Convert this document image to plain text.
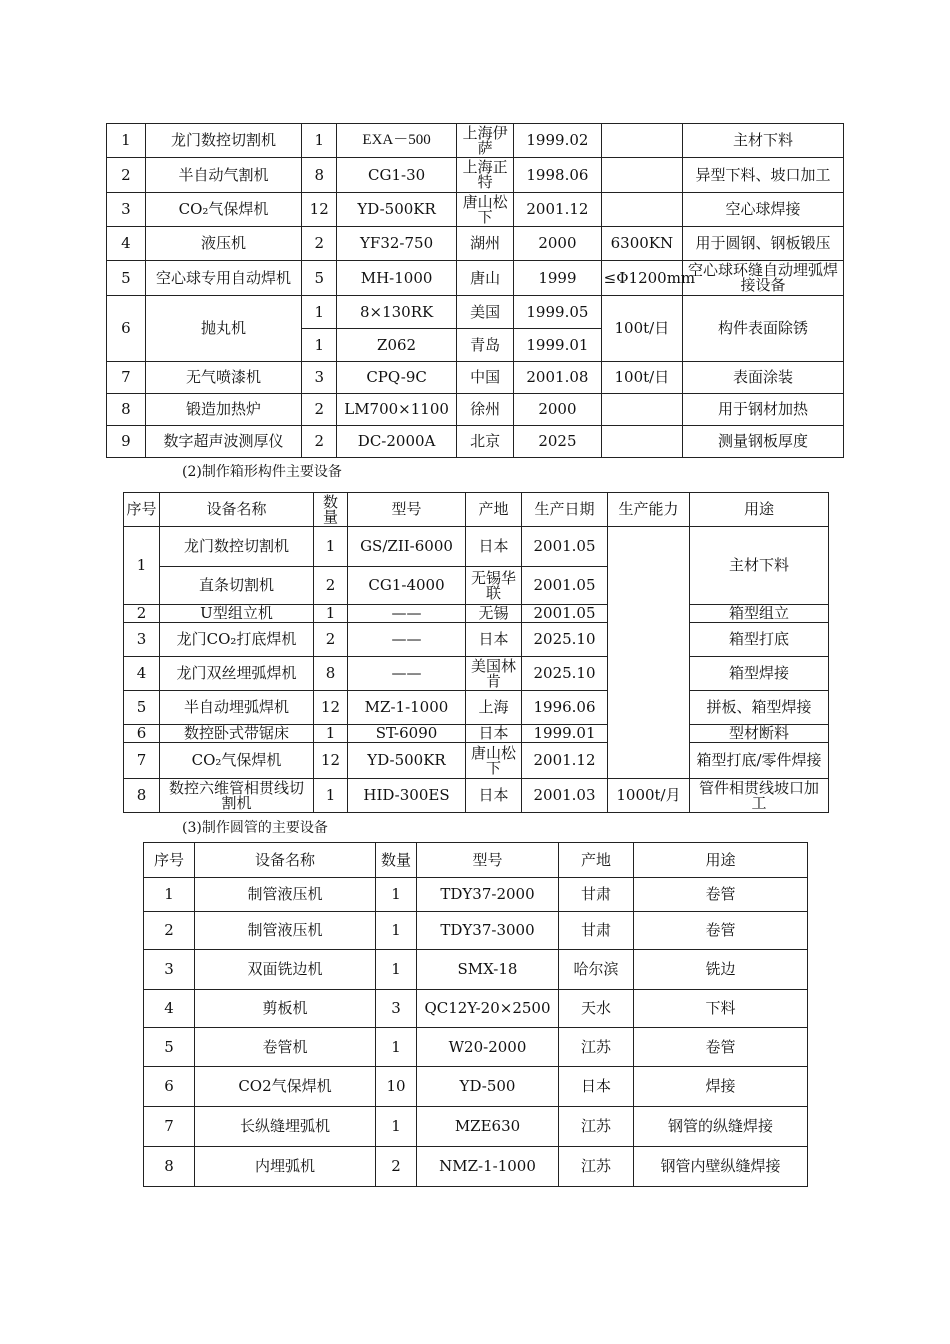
1	龙门数控切割机	1	EXA－500	上海伊萨	1999.02		主材下料
2	半自动气割机	8	CG1-30	上海正特	1998.06		异型下料、坡口加工
3	CO₂气保焊机	12	YD-500KR	唐山松下	2001.12		空心球焊接
4	液压机	2	YF32-750	湖州	2000	6300KN	用于圆钢、钢板锻压
5	空心球专用自动焊机	5	MH-1000	唐山	1999	≤Φ1200mm	空心球环缝自动埋弧焊接设备
6	抛丸机	1	8×130RK	美国	1999.05	100t/日	构件表面除锈
		1	Z062	青岛	1999.01		
7	无气喷漆机	3	CPQ-9C	中国	2001.08	100t/日	表面涂装
8	锻造加热炉	2	LM700×1100	徐州	2000		用于钢材加热
9	数字超声波测厚仪	2	DC-2000A	北京	2025		测量钢板厚度
(2)制作箱形构件主要设备
序号	设备名称	数量	型号	产地	生产日期	生产能力	用途
1	龙门数控切割机	1	GS/ZII-6000	日本	2001.05		主材下料
	直条切割机	2	CG1-4000	无锡华联	2001.05		
2	U型组立机	1	——	无锡	2001.05		箱型组立
3	龙门CO₂打底焊机	2	——	日本	2025.10		箱型打底
4	龙门双丝埋弧焊机	8	——	美国林肯	2025.10		箱型焊接
5	半自动埋弧焊机	12	MZ-1-1000	上海	1996.06		拼板、箱型焊接
6	数控卧式带锯床	1	ST-6090	日本	1999.01		型材断料
7	CO₂气保焊机	12	YD-500KR	唐山松下	2001.12		箱型打底/零件焊接
8	数控六维管相贯线切割机	1	HID-300ES	日本	2001.03	1000t/月	管件相贯线坡口加工
(3)制作圆管的主要设备
序号	设备名称	数量	型号	产地	用途
1	制管液压机	1	TDY37-2000	甘肃	卷管
2	制管液压机	1	TDY37-3000	甘肃	卷管
3	双面铣边机	1	SMX-18	哈尔滨	铣边
4	剪板机	3	QC12Y-20×2500	天水	下料
5	卷管机	1	W20-2000	江苏	卷管
6	CO2气保焊机	10	YD-500	日本	焊接
7	长纵缝埋弧机	1	MZE630	江苏	钢管的纵缝焊接
8	内埋弧机	2	NMZ-1-1000	江苏	钢管内壁纵缝焊接
